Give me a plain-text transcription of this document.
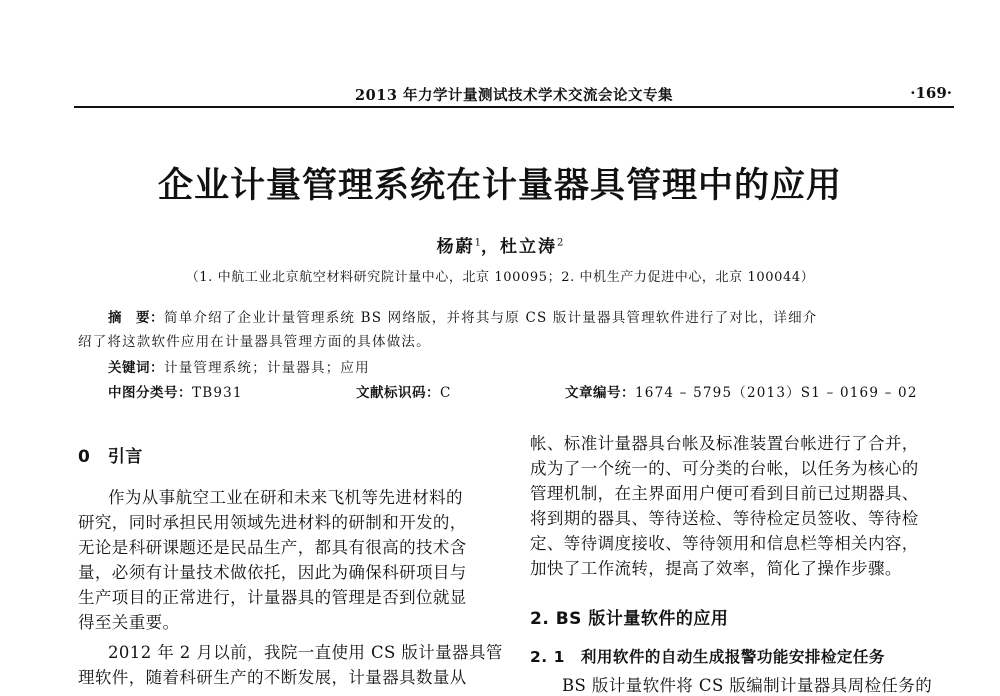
2013 年力学计量测试技术学术交流会论文专集	·169·
企业计量管理系统在计量器具管理中的应用
杨蔚$^1$，杜立涛$^2$
（1. 中航工业北京航空材料研究院计量中心，北京 100095；2. 中机生产力促进中心，北京 100044）
摘　要：简单介绍了企业计量管理系统 BS 网络版，并将其与原 CS 版计量器具管理软件进行了对比，详细介
绍了将这款软件应用在计量器具管理方面的具体做法。
关键词：计量管理系统；计量器具；应用
中图分类号：TB931	文献标识码：C	文章编号：1674 – 5795（2013）S1 – 0169 – 02
0　引言
作为从事航空工业在研和未来飞机等先进材料的
研究，同时承担民用领域先进材料的研制和开发的，
无论是科研课题还是民品生产，都具有很高的技术含
量，必须有计量技术做依托，因此为确保科研项目与
生产项目的正常进行，计量器具的管理是否到位就显
得至关重要。
2012 年 2 月以前，我院一直使用 CS 版计量器具管
理软件，随着科研生产的不断发展，计量器具数量从
帐、标准计量器具台帐及标准装置台帐进行了合并，
成为了一个统一的、可分类的台帐，以任务为核心的
管理机制，在主界面用户便可看到目前已过期器具、
将到期的器具、等待送检、等待检定员签收、等待检
定、等待调度接收、等待领用和信息栏等相关内容，
加快了工作流转，提高了效率，简化了操作步骤。
2. BS 版计量软件的应用
2. 1　利用软件的自动生成报警功能安排检定任务
BS 版计量软件将 CS 版编制计量器具周检任务的
